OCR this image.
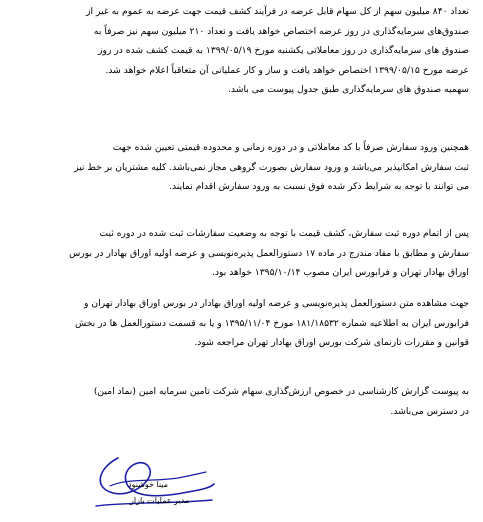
تعداد ۸۴۰ میلیون سهم از کل سهام قابل عرضه در فرآیند کشف قیمت جهت عرضه به عموم به غیر از
صندوق‌های سرمایه‌گذاری در روز عرضه اختصاص خواهد یافت و تعداد ۲۱۰ میلیون سهم نیز صرفاً به
صندوق های سرمایه‌گذاری در روز معاملاتی یکشنبه مورخ ۱۳۹۹/۰۵/۱۹ به قیمت کشف شده در روز
عرضه مورخ ۱۳۹۹/۰۵/۱۵ اختصاص خواهد یافت و ساز و کار عملیاتی آن متعاقباً اعلام خواهد شد.
سهمیه صندوق های سرمایه‌گذاری طبق جدول پیوست می باشد.
همچنین ورود سفارش صرفاً با کد معاملاتی و در دوره زمانی و محدوده قیمتی تعیین شده جهت
ثبت سفارش امکانپذیر می‌باشد و ورود سفارش بصورت گروهی مجاز نمی‌باشد. کلیه مشتریان بر خط نیز
می توانند با توجه به شرایط ذکر شده فوق نسبت به ورود سفارش اقدام نمایند.
پس از اتمام دوره ثبت سفارش، کشف قیمت با توجه به وضعیت سفارشات ثبت شده در دوره ثبت
سفارش و مطابق با مفاد مندرج در ماده ۱۷ دستورالعمل پذیره‌نویسی و عرضه اولیه اوراق بهادار در بورس
اوراق بهادار تهران و فرابورس ایران مصوب ۱۳۹۵/۱۰/۱۴ خواهد بود.
جهت مشاهده متن دستورالعمل پذیره‌نویسی و عرضه اولیه اوراق بهادار در بورس اوراق بهادار تهران و
فرابورس ایران به اطلاعیه شماره ۱۸۱/۱۸۵۳۲ مورخ ۱۳۹۵/۱۱/۰۴ و یا به قسمت دستورالعمل ها در بخش
قوانین و مقررات تارنمای شرکت بورس اوراق بهادار تهران مراجعه شود.
به پیوست گزارش کارشناسی در خصوص ارزش‌گذاری سهام شرکت تامین سرمایه امین (نماد امین)
در دسترس می‌باشد.
مینا خوشنود
مدیر عملیات بازار
